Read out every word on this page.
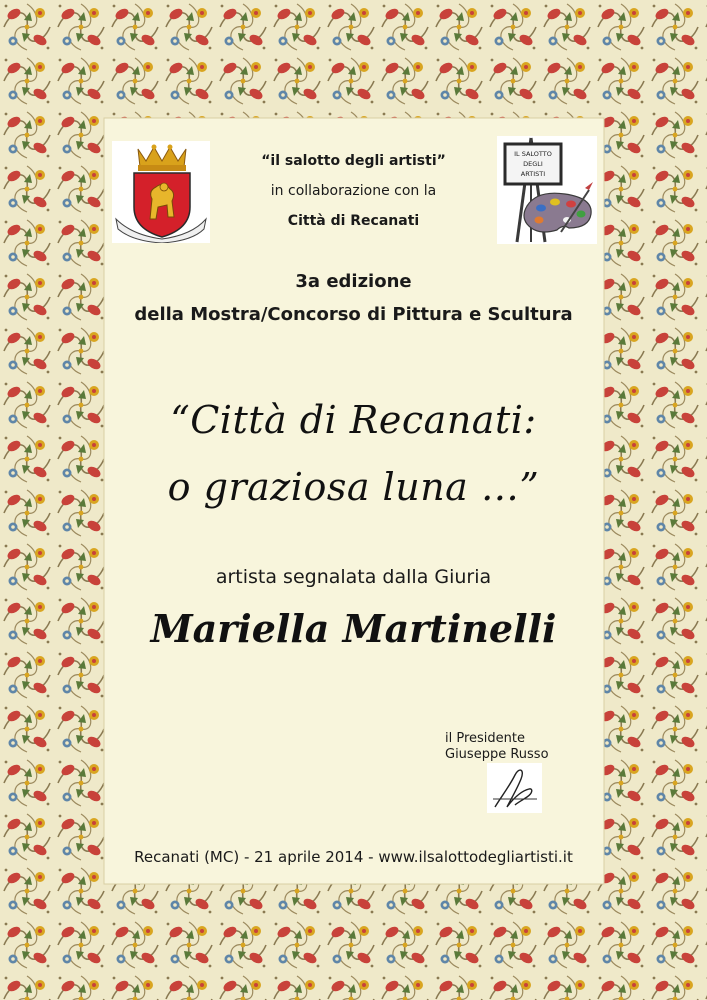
IL SALOTTO
DEGLI
ARTISTI
“il salotto degli artisti”
in collaborazione con la
Città di Recanati
3a edizione
della Mostra/Concorso di Pittura e Scultura
“Città di Recanati:
o graziosa luna …”
artista segnalata dalla Giuria
Mariella Martinelli
il Presidente
Giuseppe Russo
Recanati (MC) - 21 aprile 2014 - www.ilsalottodegliartisti.it
